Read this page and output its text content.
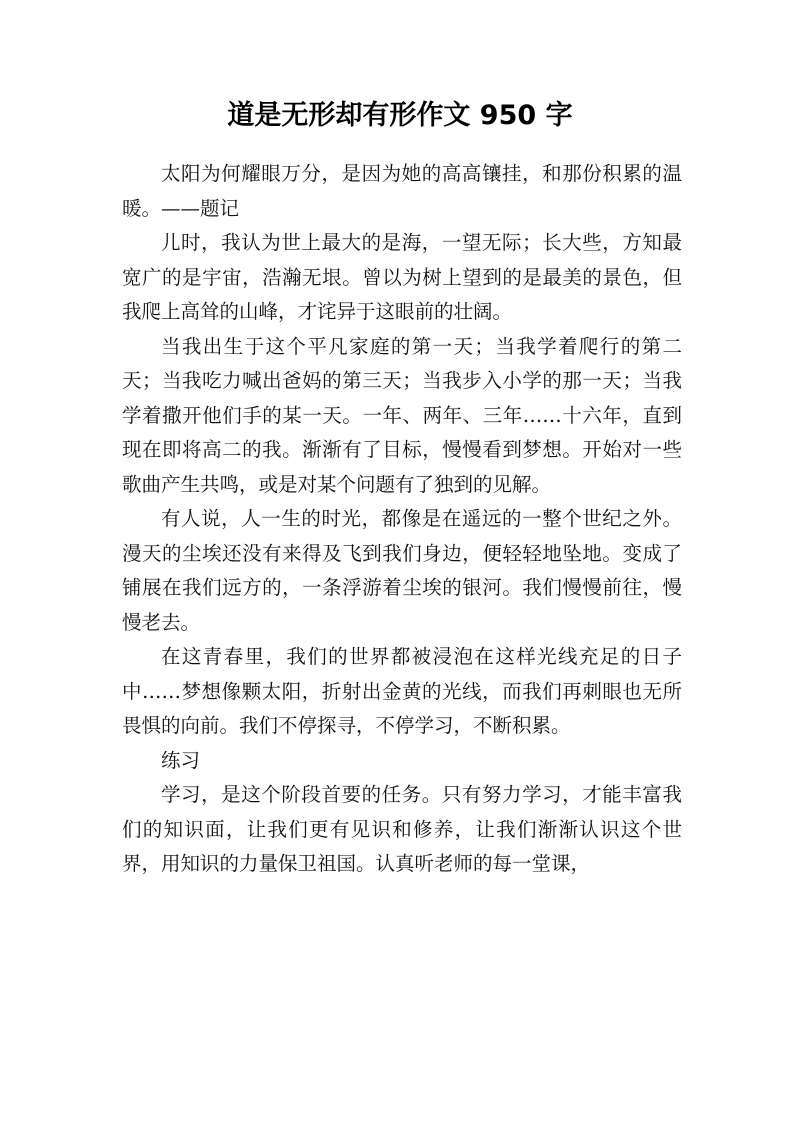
道是无形却有形作文 950 字

太阳为何耀眼万分，是因为她的高高镶挂，和那份积累的温暖。——题记

儿时，我认为世上最大的是海，一望无际；长大些，方知最宽广的是宇宙，浩瀚无垠。曾以为树上望到的是最美的景色，但我爬上高耸的山峰，才诧异于这眼前的壮阔。

当我出生于这个平凡家庭的第一天；当我学着爬行的第二天；当我吃力喊出爸妈的第三天；当我步入小学的那一天；当我学着撒开他们手的某一天。一年、两年、三年……十六年，直到现在即将高二的我。渐渐有了目标，慢慢看到梦想。开始对一些歌曲产生共鸣，或是对某个问题有了独到的见解。

有人说，人一生的时光，都像是在遥远的一整个世纪之外。漫天的尘埃还没有来得及飞到我们身边，便轻轻地坠地。变成了铺展在我们远方的，一条浮游着尘埃的银河。我们慢慢前往，慢慢老去。

在这青春里，我们的世界都被浸泡在这样光线充足的日子中……梦想像颗太阳，折射出金黄的光线，而我们再刺眼也无所畏惧的向前。我们不停探寻，不停学习，不断积累。

练习

学习，是这个阶段首要的任务。只有努力学习，才能丰富我们的知识面，让我们更有见识和修养，让我们渐渐认识这个世界，用知识的力量保卫祖国。认真听老师的每一堂课，
